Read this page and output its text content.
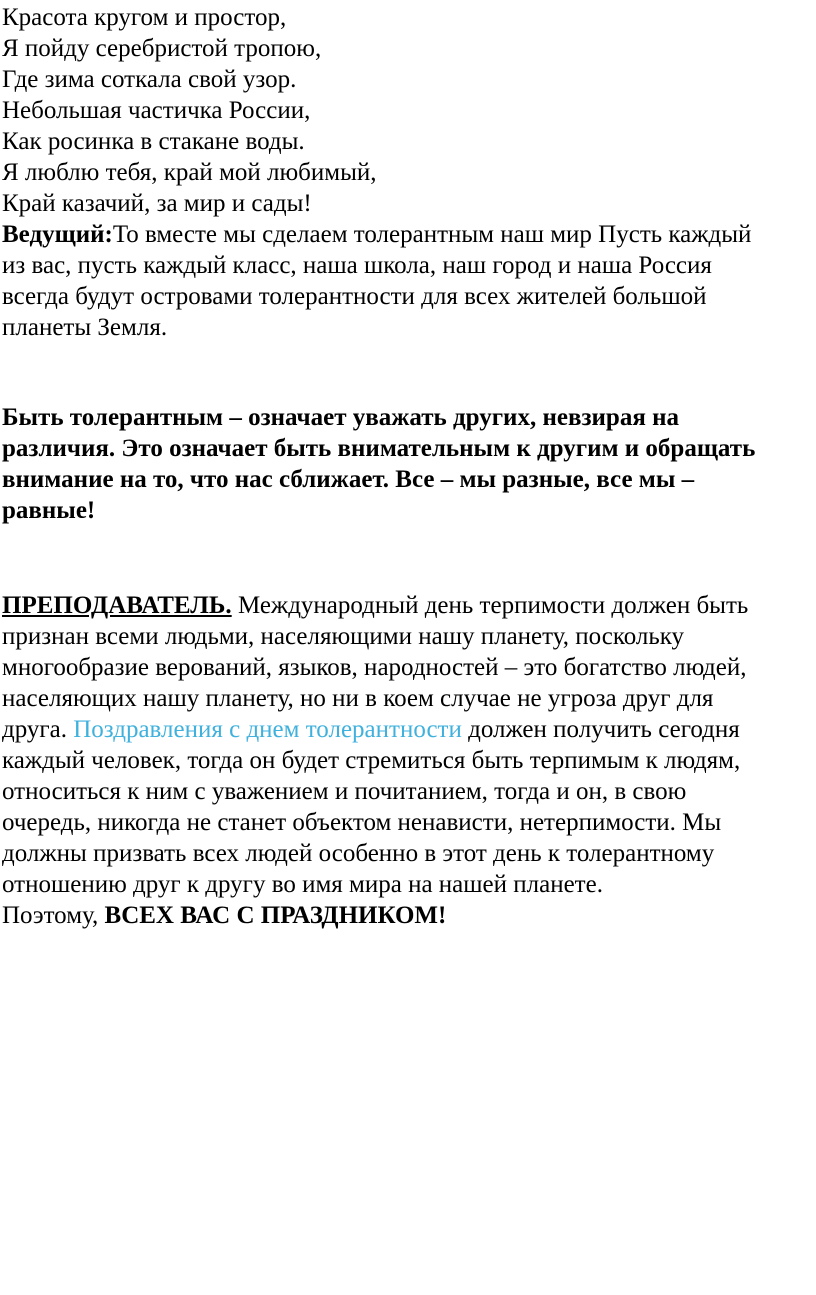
Красота кругом и простор,
Я пойду серебристой тропою,
Где зима соткала свой узор.
Небольшая частичка России,
Как росинка в стакане воды.
Я люблю тебя, край мой любимый,
Край казачий, за мир и сады!
Ведущий:То вместе мы сделаем толерантным наш мир Пусть каждый
из вас, пусть каждый класс, наша школа, наш город и наша Россия
всегда будут островами толерантности для всех жителей большой
планеты Земля.
Быть толерантным – означает уважать других, невзирая на
различия. Это означает быть внимательным к другим и обращать
внимание на то, что нас сближает. Все – мы разные, все мы –
равные!
ПРЕПОДАВАТЕЛЬ. Международный день терпимости должен быть
признан всеми людьми, населяющими нашу планету, поскольку
многообразие верований, языков, народностей – это богатство людей,
населяющих нашу планету, но ни в коем случае не угроза друг для
друга. Поздравления с днем толерантности должен получить сегодня
каждый человек, тогда он будет стремиться быть терпимым к людям,
относиться к ним с уважением и почитанием, тогда и он, в свою
очередь, никогда не станет объектом ненависти, нетерпимости. Мы
должны призвать всех людей особенно в этот день к толерантному
отношению друг к другу во имя мира на нашей планете.
Поэтому, ВСЕХ ВАС С ПРАЗДНИКОМ!
